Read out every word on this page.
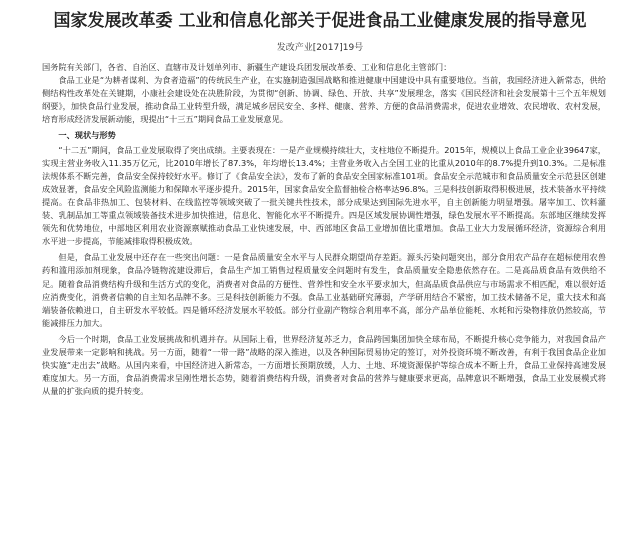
国家发展改革委 工业和信息化部关于促进食品工业健康发展的指导意见
发改产业[2017]19号

国务院有关部门，各省、自治区、直辖市及计划单列市、新疆生产建设兵团发展改革委、工业和信息化主管部门：

食品工业是“为耕者谋利、为食者造福”的传统民生产业，在实施制造强国战略和推进健康中国建设中具有重要地位。当前，我国经济进入新常态，供给侧结构性改革处在关键期，小康社会建设处在决胜阶段，为贯彻“创新、协调、绿色、开放、共享”发展理念，落实《国民经济和社会发展第十三个五年规划纲要》，加快食品行业发展，推动食品工业转型升级，满足城乡居民安全、多样、健康、营养、方便的食品消费需求，促进农业增效、农民增收、农村发展，培育形成经济发展新动能，现提出“十三五”期间食品工业发展意见。

一、现状与形势

“十二五”期间，食品工业发展取得了突出成绩。主要表现在：一是产业规模持续壮大，支柱地位不断提升。2015年，规模以上食品工业企业39647家，实现主营业务收入11.35万亿元，比2010年增长了87.3%，年均增长13.4%；主营业务收入占全国工业的比重从2010年的8.7%提升到10.3%。二是标准法规体系不断完善，食品安全保持较好水平。修订了《食品安全法》，发布了新的食品安全国家标准101项。食品安全示范城市和食品质量安全示范县区创建成效显著，食品安全风险监测能力和保障水平逐步提升。2015年，国家食品安全监督抽检合格率达96.8%。三是科技创新取得积极进展，技术装备水平持续提高。在食品非热加工、包装材料、在线监控等领域突破了一批关键共性技术，部分成果达到国际先进水平，自主创新能力明显增强。屠宰加工、饮料灌装、乳制品加工等重点领域装备技术进步加快推进，信息化、智能化水平不断提升。四是区域发展协调性增强，绿色发展水平不断提高。东部地区继续发挥领先和优势地位，中部地区利用农业资源禀赋推动食品工业快速发展，中、西部地区食品工业增加值比重增加。食品工业大力发展循环经济，资源综合利用水平进一步提高，节能减排取得积极成效。

但是，食品工业发展中还存在一些突出问题：一是食品质量安全水平与人民群众期望尚存差距。源头污染问题突出，部分食用农产品存在超标使用农兽药和滥用添加剂现象，食品冷链物流建设滞后，食品生产加工销售过程质量安全问题时有发生，食品质量安全隐患依然存在。二是高品质食品有效供给不足。随着食品消费结构升级和生活方式的变化，消费者对食品的方便性、营养性和安全水平要求加大，但高品质食品供应与市场需求不相匹配，难以很好适应消费变化，消费者信赖的自主知名品牌不多。三是科技创新能力不强。食品工业基础研究薄弱，产学研用结合不紧密，加工技术储备不足，重大技术和高端装备依赖进口，自主研发水平较低。四是循环经济发展水平较低。部分行业副产物综合利用率不高，部分产品单位能耗、水耗和污染物排放仍然较高，节能减排压力加大。

今后一个时期，食品工业发展挑战和机遇并存。从国际上看，世界经济复苏乏力，食品跨国集团加快全球布局，不断提升核心竞争能力，对我国食品产业发展带来一定影响和挑战。另一方面，随着“一带一路”战略的深入推进，以及各种国际贸易协定的签订，对外投资环境不断改善，有利于我国食品企业加快实施“走出去”战略。从国内来看，中国经济进入新常态，一方面增长预期放缓，人力、土地、环境资源保护等综合成本不断上升，食品工业保持高速发展难度加大。另一方面，食品消费需求呈刚性增长态势，随着消费结构升级，消费者对食品的营养与健康要求更高，品牌意识不断增强，食品工业发展模式将从量的扩张向质的提升转变。
